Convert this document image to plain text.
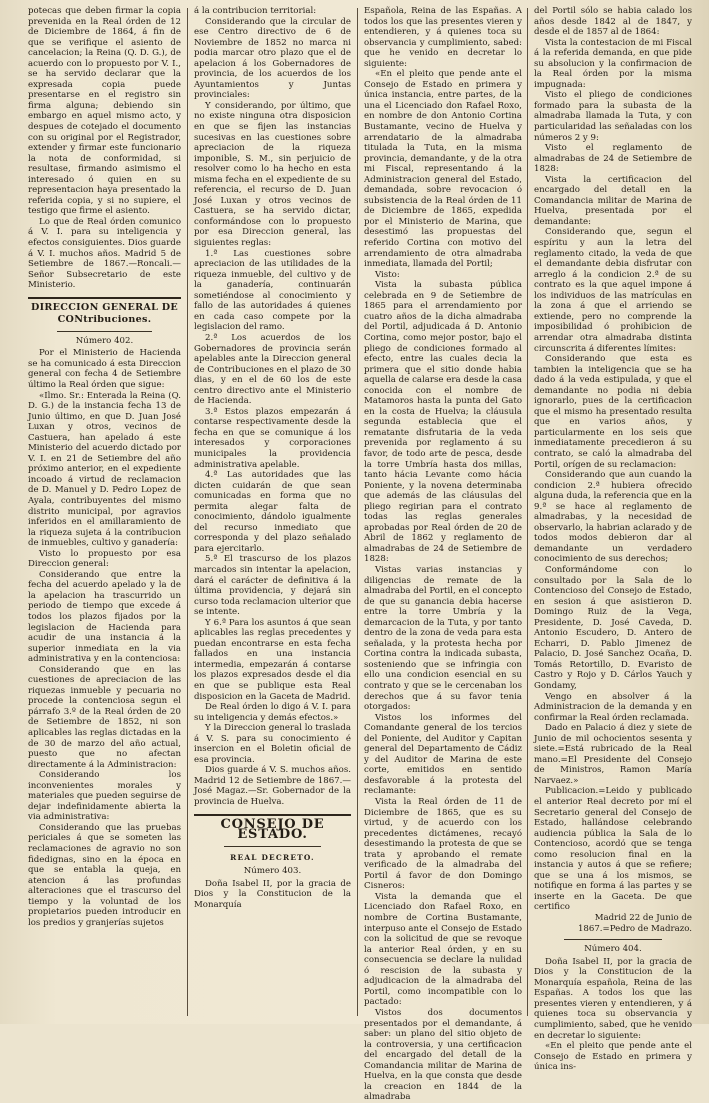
potecas que deben firmar la copia prevenida en la Real órden de 12 de Diciembre de 1864, á fin de que se verifique el asiento de cancelacion; la Reina (Q. D. G.), de acuerdo con lo propuesto por V. I., se ha servido declarar que la expresada copia puede presentarse en el registro sin firma alguna; debiendo sin embargo en aquel mismo acto, y despues de cotejado el documento con su original por el Registrador, extender y firmar este funcionario la nota de conformidad, si resultase, firmando asimismo el interesado ó quien en su representacion haya presentado la referida copia, y si no supiere, el testigo que firme el asiento.

Lo que de Real órden comunico á V. I. para su inteligencia y efectos consiguientes. Dios guarde á V. I. muchos años. Madrid 5 de Setiembre de 1867.—Roncali.—Señor Subsecretario de este Ministerio.

DIRECCION GENERAL DE CONtribuciones.
Número 402.

Por el Ministerio de Hacienda se ha comunicado á esta Direccion general con fecha 4 de Setiembre último la Real órden que sigue:

«Ilmo. Sr.: Enterada la Reina (Q. D. G.) de la instancia fecha 13 de Junio último, en que D. Juan José Luxan y otros, vecinos de Castuera, han apelado á este Ministerio del acuerdo dictado por V. I. en 21 de Setiembre del año próximo anterior, en el expediente incoado á virtud de reclamacion de D. Manuel y D. Pedro Lopez de Ayala, contribuyentes del mismo distrito municipal, por agravios inferidos en el amillaramiento de la riqueza sujeta á la contribucion de inmuebles, cultivo y ganadería:

Visto lo propuesto por esa Direccion general:

Considerando que entre la fecha del acuerdo apelado y la de la apelacion ha trascurrido un periodo de tiempo que excede á todos los plazos fijados por la legislacion de Hacienda para acudir de una instancia á la superior inmediata en la via administrativa y en la contenciosa:

Considerando que en las cuestiones de apreciacion de las riquezas inmueble y pecuaria no procede la contenciosa segun el párrafo 3.º de la Real órden de 20 de Setiembre de 1852, ni son aplicables las reglas dictadas en la de 30 de marzo del año actual, puesto que no afectan directamente á la Administracion:

Considerando los inconvenientes morales y materiales que pueden seguirse de dejar indefinidamente abierta la via administrativa:

Considerando que las pruebas periciales á que se someten las reclamaciones de agravio no son fidedignas, sino en la época en que se entabla la queja, en atencion á las profundas alteraciones que el trascurso del tiempo y la voluntad de los propietarios pueden introducir en los predios y granjerías sujetos

á la contribucion territorial:

Considerando que la circular de ese Centro directivo de 6 de Noviembre de 1852 no marca ni podia marcar otro plazo que el de apelacion á los Gobernadores de provincia, de los acuerdos de los Ayuntamientos y Juntas provinciales:

Y considerando, por último, que no existe ninguna otra disposicion en que se fijen las instancias sucesivas en las cuestiones sobre apreciacion de la riqueza imponible, S. M., sin perjuicio de resolver como lo ha hecho en esta misma fecha en el expediente de su referencia, el recurso de D. Juan José Luxan y otros vecinos de Castuera, se ha servido dictar, conformándose con lo propuesto por esa Direccion general, las siguientes reglas:

1.ª Las cuestiones sobre apreciacion de las utilidades de la riqueza inmueble, del cultivo y de la ganadería, continuarán sometiéndose al conocimiento y fallo de las autoridades á quienes en cada caso compete por la legislacion del ramo.

2.ª Los acuerdos de los Gobernadores de provincia serán apelables ante la Direccion general de Contribuciones en el plazo de 30 dias, y en el de 60 los de este centro directivo ante el Ministerio de Hacienda.

3.ª Estos plazos empezarán á contarse respectivamente desde la fecha en que se comunique á los interesados y corporaciones municipales la providencia administrativa apelable.

4.ª Las autoridades que las dicten cuidarán de que sean comunicadas en forma que no permita alegar falta de conocimiento, dándolo igualmente del recurso inmediato que corresponda y del plazo señalado para ejercitarlo.

5.ª El trascurso de los plazos marcados sin intentar la apelacion, dará el carácter de definitiva á la última providencia, y dejará sin curso toda reclamacion ulterior que se intente.

Y 6.ª Para los asuntos á que sean aplicables las reglas precedentes y puedan encontrarse en esta fecha fallados en una instancia intermedia, empezarán á contarse los plazos expresados desde el dia en que se publique esta Real disposicion en la Gaceta de Madrid.

De Real órden lo digo á V. I. para su inteligencia y demás efectos.»

Y la Direccion general lo traslada á V. S. para su conocimiento é insercion en el Boletin oficial de esa provincia.

Dios guarde á V. S. muchos años. Madrid 12 de Setiembre de 1867.—José Magaz.—Sr. Gobernador de la provincia de Huelva.

CONSEJO DE ESTADO.
REAL DECRETO.
Número 403.

Doña Isabel II, por la gracia de Dios y la Constitucion de la Monarquía

Española, Reina de las Españas. A todos los que las presentes vieren y entendieren, y á quienes toca su observancia y cumplimiento, sabed: que he venido en decretar lo siguiente:

«En el pleito que pende ante el Consejo de Estado en primera y única instancia, entre partes, de la una el Licenciado don Rafael Roxo, en nombre de don Antonio Cortina Bustamante, vecino de Huelva y arrendatario de la almadraba titulada la Tuta, en la misma provincia, demandante, y de la otra mi Fiscal, representando á la Administracion general del Estado, demandada, sobre revocacion ó subsistencia de la Real órden de 11 de Diciembre de 1865, expedida por el Ministerio de Marina, que desestimó las propuestas del referido Cortina con motivo del arrendamiento de otra almadraba inmediata, llamada del Portil;

Visto:

Vista la subasta pública celebrada en 9 de Setiembre de 1865 para el arrendamiento por cuatro años de la dicha almadraba del Portil, adjudicada á D. Antonio Cortina, como mejor postor, bajo el pliego de condiciones formado al efecto, entre las cuales decia la primera que el sitio donde habia aquella de calarse era desde la casa conocida con el nombre de Matamoros hasta la punta del Gato en la costa de Huelva; la cláusula segunda establecia que el rematante disfrutaria de la veda prevenida por reglamento á su favor, de todo arte de pesca, desde la torre Umbría hasta dos millas, tanto hácia Levante como hácia Poniente, y la novena determinaba que además de las cláusulas del pliego regirian para el contrato todas las reglas generales aprobadas por Real órden de 20 de Abril de 1862 y reglamento de almadrabas de 24 de Setiembre de 1828:

Vistas varias instancias y diligencias de remate de la almadraba del Portil, en el concepto de que su ganancia debia hacerse entre la torre Umbría y la demarcacion de la Tuta, y por tanto dentro de la zona de veda para esta señalada, y la protesta hecha por Cortina contra la indicada subasta, sosteniendo que se infringia con ello una condicion esencial en su contrato y que se le cercenaban los derechos que á su favor tenia otorgados:

Vistos los informes del Comandante general de los tercios del Poniente, del Auditor y Capitan general del Departamento de Cádiz y del Auditor de Marina de este corte, emitidos en sentido desfavorable á la protesta del reclamante:

Vista la Real órden de 11 de Diciembre de 1865, que es su virtud, y de acuerdo con los precedentes dictámenes, recayó desestimando la protesta de que se trata y aprobando el remate verificado de la almadraba del Portil á favor de don Domingo Cisneros:

Vista la demanda que el Licenciado don Rafael Roxo, en nombre de Cortina Bustamante, interpuso ante el Consejo de Estado con la solicitud de que se revoque la anterior Real órden, y en su consecuencia se declare la nulidad ó rescision de la subasta y adjudicacion de la almadraba del Portil, como incompatible con lo pactado:

Vistos dos documentos presentados por el demandante, á saber: un plano del sitio objeto de la controversia, y una certificacion del encargado del detall de la Comandancia militar de Marina de Huelva, en la que consta que desde la creacion en 1844 de la almadraba

del Portil sólo se habia calado los años desde 1842 al de 1847, y desde el de 1857 al de 1864:

Vista la contestacion de mi Fiscal á la referida demanda, en que pide su absolucion y la confirmacion de la Real órden por la misma impugnada:

Visto el pliego de condiciones formado para la subasta de la almadraba llamada la Tuta, y con particularidad las señaladas con los números 2 y 9:

Visto el reglamento de almadrabas de 24 de Setiembre de 1828:

Vista la certificacion del encargado del detall en la Comandancia militar de Marina de Huelva, presentada por el demandante:

Considerando que, segun el espíritu y aun la letra del reglamento citado, la veda de que el demandante debia disfrutar con arreglo á la condicion 2.ª de su contrato es la que aquel impone á los individuos de las matrículas en la zona á que el arriendo se extiende, pero no comprende la imposibilidad ó prohibicion de arrendar otra almadraba distinta circunscrita á diferentes límites:

Considerando que esta es tambien la inteligencia que se ha dado á la veda estipulada, y que el demandante no podia ni debia ignorarlo, pues de la certificacion que el mismo ha presentado resulta que en varios años, y particularmente en los seis que inmediatamente precedieron á su contrato, se caló la almadraba del Portil, orígen de su reclamacion:

Considerando que aun cuando la condicion 2.ª hubiera ofrecido alguna duda, la referencia que en la 9.ª se hace al reglamento de almadrabas, y la necesidad de observarlo, la habrian aclarado y de todos modos debieron dar al demandante un verdadero conocimiento de sus derechos;

Conformándome con lo consultado por la Sala de lo Contencioso del Consejo de Estado, en sesion á que asistieron D. Domingo Ruiz de la Vega, Presidente, D. José Caveda, D. Antonio Escudero, D. Antero de Echarri, D. Pablo Jimenez de Palacio, D. José Sanchez Ocaña, D. Tomás Retortillo, D. Evaristo de Castro y Rojo y D. Cárlos Yauch y Gondamy,

Vengo en absolver á la Administracion de la demanda y en confirmar la Real órden reclamada.

Dado en Palacio á diez y siete de Junio de mil ochocientos sesenta y siete.=Está rubricado de la Real mano.=El Presidente del Consejo de Ministros, Ramon María Narvaez.»

Publicacion.=Leido y publicado el anterior Real decreto por mí el Secretario general del Consejo de Estado, hallándose celebrando audiencia pública la Sala de lo Contencioso, acordó que se tenga como resolucion final en la instancia y autos á que se refiere; que se una á los mismos, se notifique en forma á las partes y se inserte en la Gaceta. De que certifico

Madrid 22 de Junio de 1867.=Pedro de Madrazo.

Número 404.

Doña Isabel II, por la gracia de Dios y la Constitucion de la Monarquía española, Reina de las Españas. A todos los que las presentes vieren y entendieren, y á quienes toca su observancia y cumplimiento, sabed, que he venido en decretar lo siguiente:

«En el pleito que pende ante el Consejo de Estado en primera y única ins-
